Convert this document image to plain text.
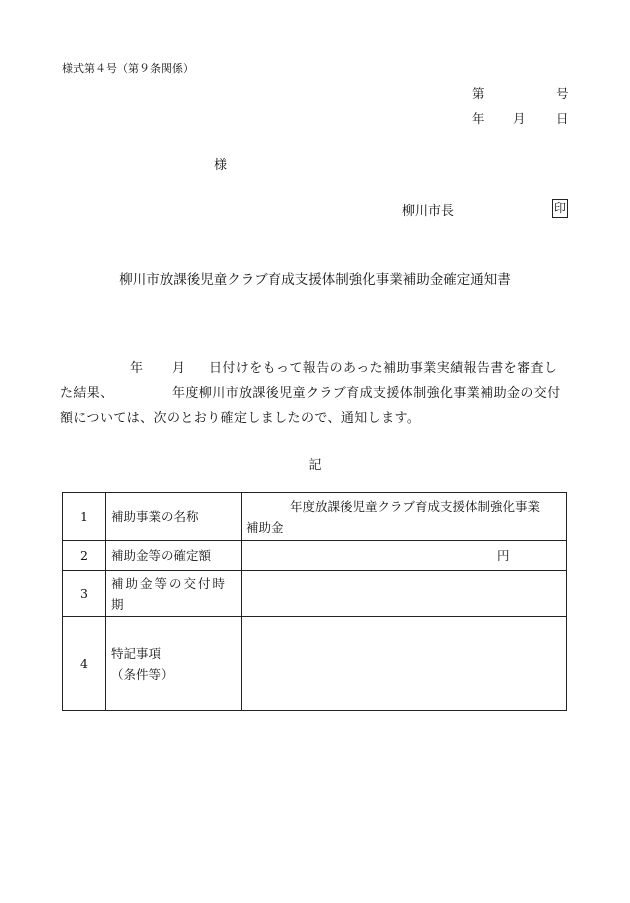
様式第４号（第９条関係）
第	号
年 月 日
様
柳川市長	印
柳川市放課後児童クラブ育成支援体制強化事業補助金確定通知書
年 月 日付けをもって報告のあった補助事業実績報告書を審査し
た結果、	年度柳川市放課後児童クラブ育成支援体制強化事業補助金の交付
額については、次のとおり確定しましたので、通知します。
記
1	補助事業の名称	年度放課後児童クラブ育成支援体制強化事業
補助金

2	補助金等の確定額	円

3	補助金等の交付時
期	

4	特記事項
（条件等）	
